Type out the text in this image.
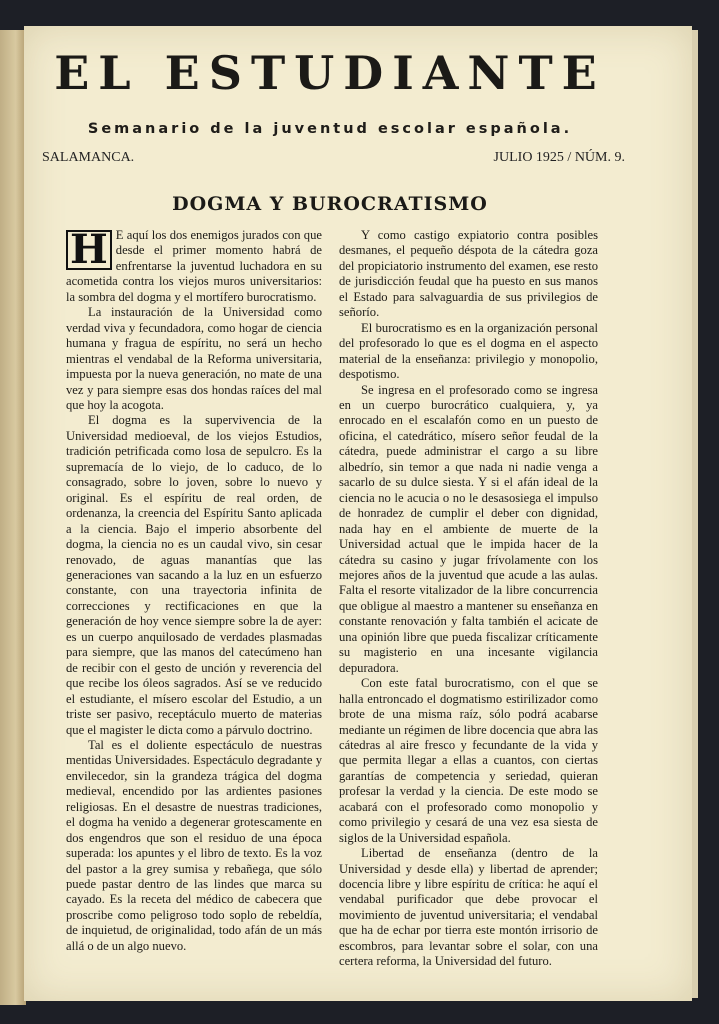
EL ESTUDIANTE
Semanario de la juventud escolar española.
SALAMANCA.	JULIO 1925 / NÚM. 9.
DOGMA Y BUROCRATISMO

H E aquí los dos enemigos jurados con que desde el primer momento habrá de enfrentarse la juventud luchadora en su acometida contra los viejos muros universitarios: la sombra del dogma y el mortífero burocratismo.

La instauración de la Universidad como verdad viva y fecundadora, como hogar de ciencia humana y fragua de espíritu, no será un hecho mientras el vendabal de la Reforma universitaria, impuesta por la nueva generación, no mate de una vez y para siempre esas dos hondas raíces del mal que hoy la acogota.

El dogma es la supervivencia de la Universidad medioeval, de los viejos Estudios, tradición petrificada como losa de sepulcro. Es la supremacía de lo viejo, de lo caduco, de lo consagrado, sobre lo joven, sobre lo nuevo y original. Es el espíritu de real orden, de ordenanza, la creencia del Espíritu Santo aplicada a la ciencia. Bajo el imperio absorbente del dogma, la ciencia no es un caudal vivo, sin cesar renovado, de aguas manantías que las generaciones van sacando a la luz en un esfuerzo constante, con una trayectoria infinita de correcciones y rectificaciones en que la generación de hoy vence siempre sobre la de ayer: es un cuerpo anquilosado de verdades plasmadas para siempre, que las manos del catecúmeno han de recibir con el gesto de unción y reverencia del que recibe los óleos sagrados. Así se ve reducido el estudiante, el mísero escolar del Estudio, a un triste ser pasivo, receptáculo muerto de materias que el magister le dicta como a párvulo doctrino.

Tal es el doliente espectáculo de nuestras mentidas Universidades. Espectáculo degradante y envilecedor, sin la grandeza trágica del dogma medieval, encendido por las ardientes pasiones religiosas. En el desastre de nuestras tradiciones, el dogma ha venido a degenerar grotescamente en dos engendros que son el residuo de una época superada: los apuntes y el libro de texto. Es la voz del pastor a la grey sumisa y rebañega, que sólo puede pastar dentro de las lindes que marca su cayado. Es la receta del médico de cabecera que proscribe como peligroso todo soplo de rebeldía, de inquietud, de originalidad, todo afán de un más allá o de un algo nuevo.

Y como castigo expiatorio contra posibles desmanes, el pequeño déspota de la cátedra goza del propiciatorio instrumento del examen, ese resto de jurisdicción feudal que ha puesto en sus manos el Estado para salvaguardia de sus privilegios de señorío.

El burocratismo es en la organización personal del profesorado lo que es el dogma en el aspecto material de la enseñanza: privilegio y monopolio, despotismo.

Se ingresa en el profesorado como se ingresa en un cuerpo burocrático cualquiera, y, ya enrocado en el escalafón como en un puesto de oficina, el catedrático, mísero señor feudal de la cátedra, puede administrar el cargo a su libre albedrío, sin temor a que nada ni nadie venga a sacarlo de su dulce siesta. Y si el afán ideal de la ciencia no le acucia o no le desasosiega el impulso de honradez de cumplir el deber con dignidad, nada hay en el ambiente de muerte de la Universidad actual que le impida hacer de la cátedra su casino y jugar frívolamente con los mejores años de la juventud que acude a las aulas. Falta el resorte vitalizador de la libre concurrencia que obligue al maestro a mantener su enseñanza en constante renovación y falta también el acicate de una opinión libre que pueda fiscalizar críticamente su magisterio en una incesante vigilancia depuradora.

Con este fatal burocratismo, con el que se halla entroncado el dogmatismo estirilizador como brote de una misma raíz, sólo podrá acabarse mediante un régimen de libre docencia que abra las cátedras al aire fresco y fecundante de la vida y que permita llegar a ellas a cuantos, con ciertas garantías de competencia y seriedad, quieran profesar la verdad y la ciencia. De este modo se acabará con el profesorado como monopolio y como privilegio y cesará de una vez esa siesta de siglos de la Universidad española.

Libertad de enseñanza (dentro de la Universidad y desde ella) y libertad de aprender; docencia libre y libre espíritu de crítica: he aquí el vendabal purificador que debe provocar el movimiento de juventud universitaria; el vendabal que ha de echar por tierra este montón irrisorio de escombros, para levantar sobre el solar, con una certera reforma, la Universidad del futuro.
